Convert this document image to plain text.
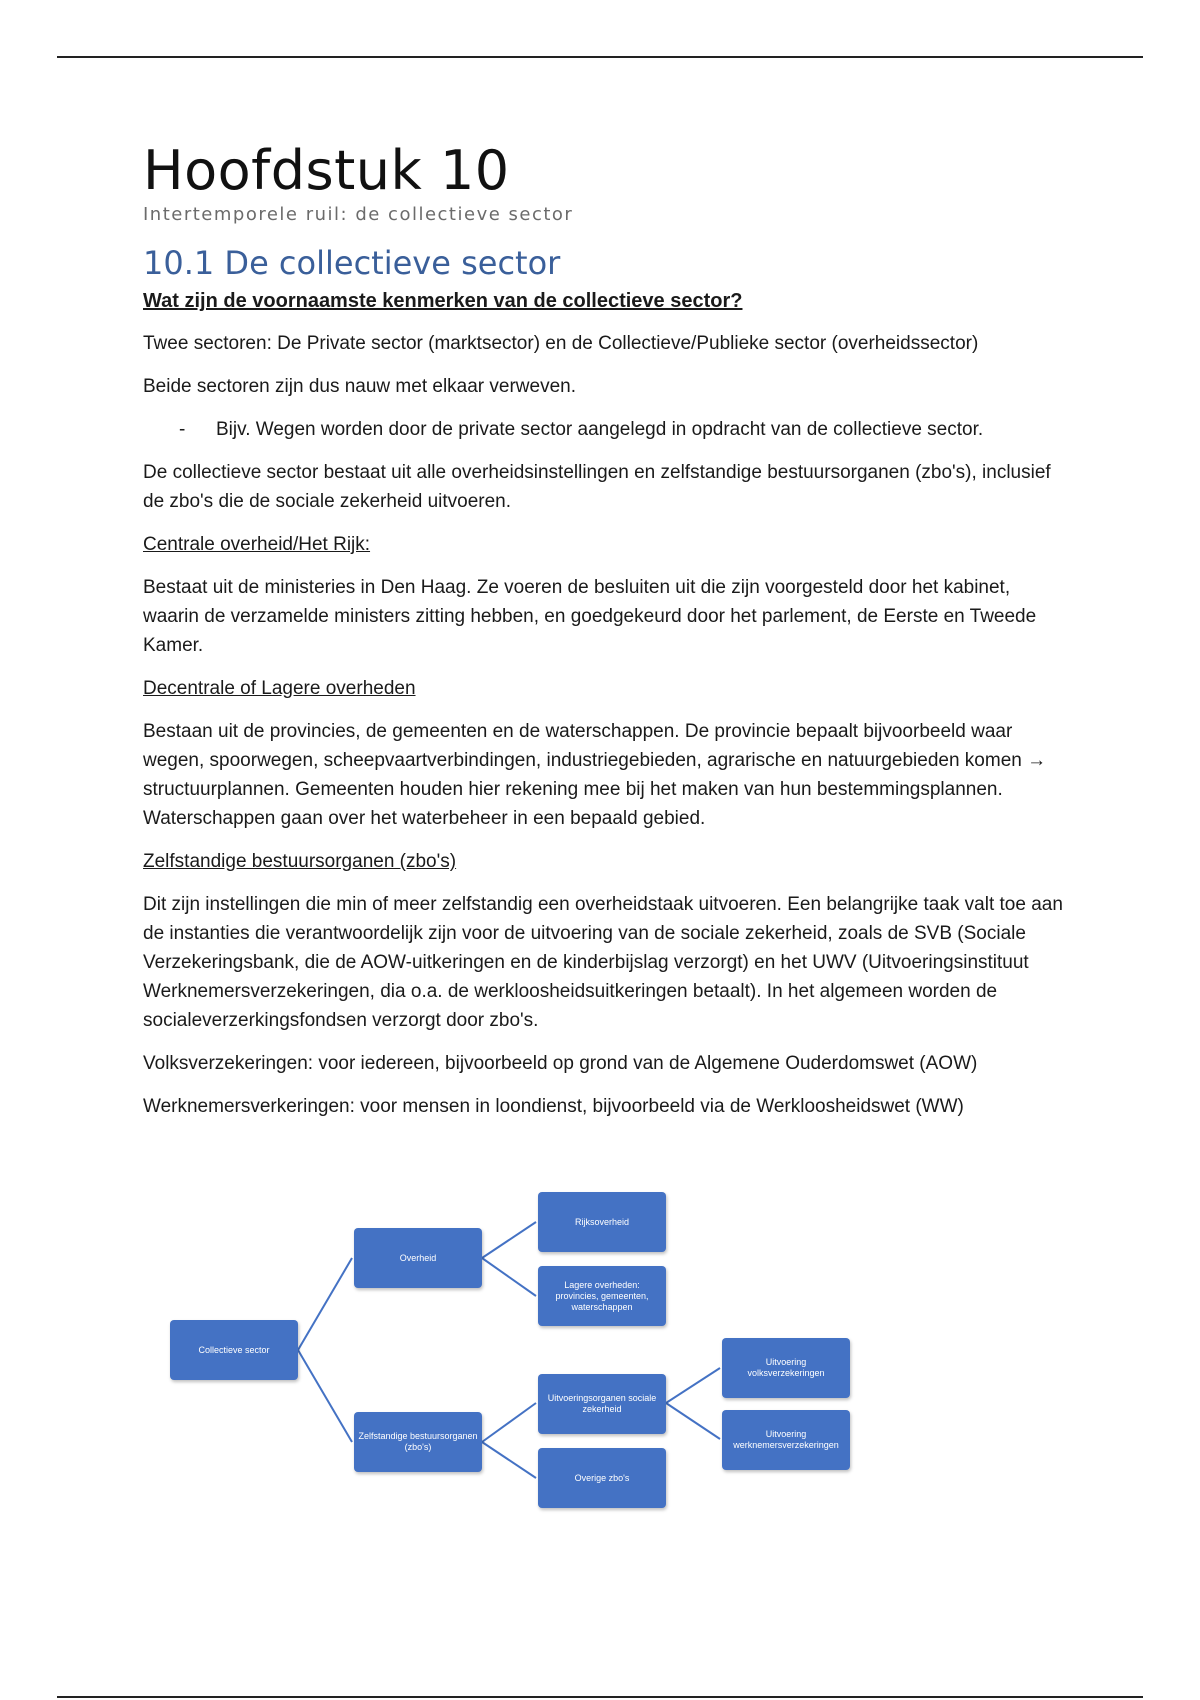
Hoofdstuk 10
Intertemporele ruil: de collectieve sector
10.1 De collectieve sector
Wat zijn de voornaamste kenmerken van de collectieve sector?

Twee sectoren: De Private sector (marktsector) en de Collectieve/Publieke sector (overheidssector)

Beide sectoren zijn dus nauw met elkaar verweven.

- Bijv. Wegen worden door de private sector aangelegd in opdracht van de collectieve sector.

De collectieve sector bestaat uit alle overheidsinstellingen en zelfstandige bestuursorganen (zbo's), inclusief de zbo's die de sociale zekerheid uitvoeren.

Centrale overheid/Het Rijk:

Bestaat uit de ministeries in Den Haag. Ze voeren de besluiten uit die zijn voorgesteld door het kabinet, waarin de verzamelde ministers zitting hebben, en goedgekeurd door het parlement, de Eerste en Tweede Kamer.

Decentrale of Lagere overheden

Bestaan uit de provincies, de gemeenten en de waterschappen. De provincie bepaalt bijvoorbeeld waar wegen, spoorwegen, scheepvaartverbindingen, industriegebieden, agrarische en natuurgebieden komen → structuurplannen. Gemeenten houden hier rekening mee bij het maken van hun bestemmingsplannen. Waterschappen gaan over het waterbeheer in een bepaald gebied.

Zelfstandige bestuursorganen (zbo's)

Dit zijn instellingen die min of meer zelfstandig een overheidstaak uitvoeren. Een belangrijke taak valt toe aan de instanties die verantwoordelijk zijn voor de uitvoering van de sociale zekerheid, zoals de SVB (Sociale Verzekeringsbank, die de AOW-uitkeringen en de kinderbijslag verzorgt) en het UWV (Uitvoeringsinstituut Werknemersverzekeringen, dia o.a. de werkloosheidsuitkeringen betaalt). In het algemeen worden de socialeverzerkingsfondsen verzorgt door zbo's.

Volksverzekeringen: voor iedereen, bijvoorbeeld op grond van de Algemene Ouderdomswet (AOW)

Werknemersverkeringen: voor mensen in loondienst, bijvoorbeeld via de Werkloosheidswet (WW)

Collectieve sector
Overheid
Zelfstandige bestuursorganen (zbo's)
Rijksoverheid
Lagere overheden: provincies, gemeenten, waterschappen
Uitvoeringsorganen sociale zekerheid
Overige zbo's
Uitvoering volksverzekeringen
Uitvoering werknemersverzekeringen
